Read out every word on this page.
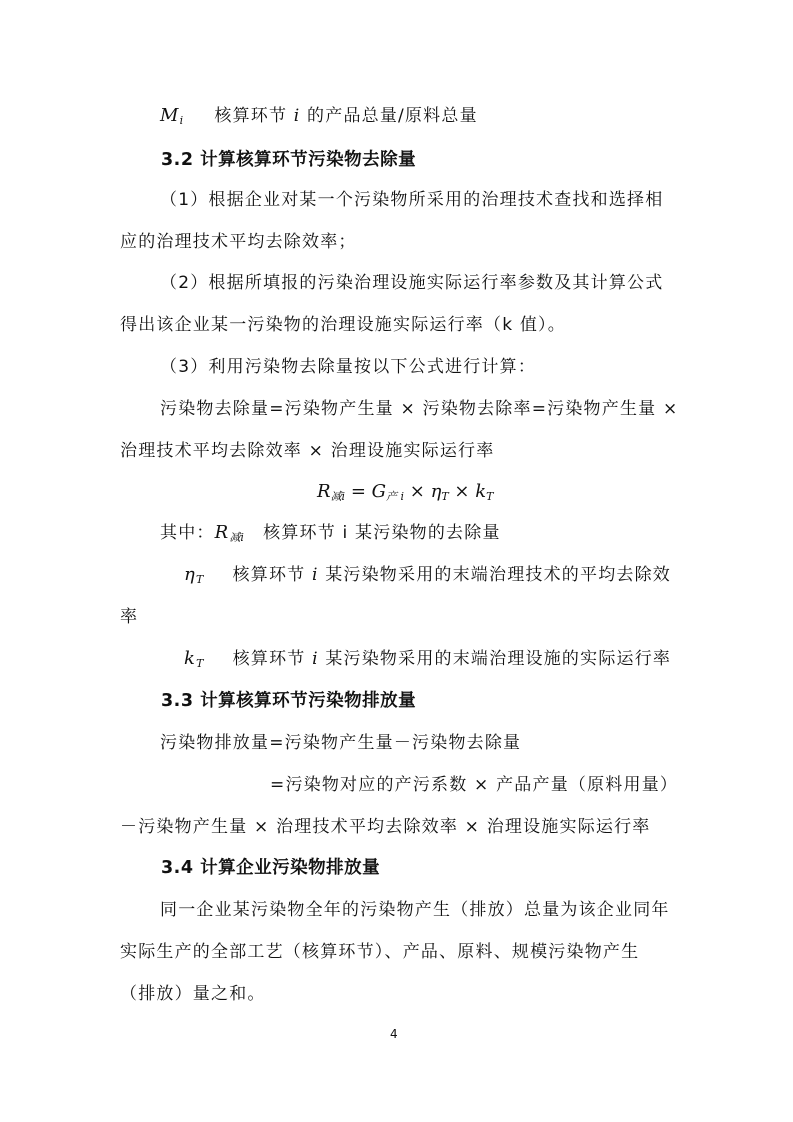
$M_i$ 核算环节 i 的产品总量/原料总量
3.2 计算核算环节污染物去除量
（1）根据企业对某一个污染物所采用的治理技术查找和选择相
应的治理技术平均去除效率；
（2）根据所填报的污染治理设施实际运行率参数及其计算公式
得出该企业某一污染物的治理设施实际运行率（k 值）。
（3）利用污染物去除量按以下公式进行计算：
污染物去除量=污染物产生量 × 污染物去除率=污染物产生量 ×
治理技术平均去除效率 × 治理设施实际运行率
$R_{减i} = G_{产 i} \times \eta_T \times k_T$
其中：$R_{减i}$ 核算环节 i 某污染物的去除量
$\eta_T$ 核算环节 i 某污染物采用的末端治理技术的平均去除效
率
$k_T$ 核算环节 i 某污染物采用的末端治理设施的实际运行率
3.3 计算核算环节污染物排放量
污染物排放量=污染物产生量－污染物去除量
=污染物对应的产污系数 × 产品产量（原料用量）
－污染物产生量 × 治理技术平均去除效率 × 治理设施实际运行率
3.4 计算企业污染物排放量
同一企业某污染物全年的污染物产生（排放）总量为该企业同年
实际生产的全部工艺（核算环节）、产品、原料、规模污染物产生
（排放）量之和。
4
